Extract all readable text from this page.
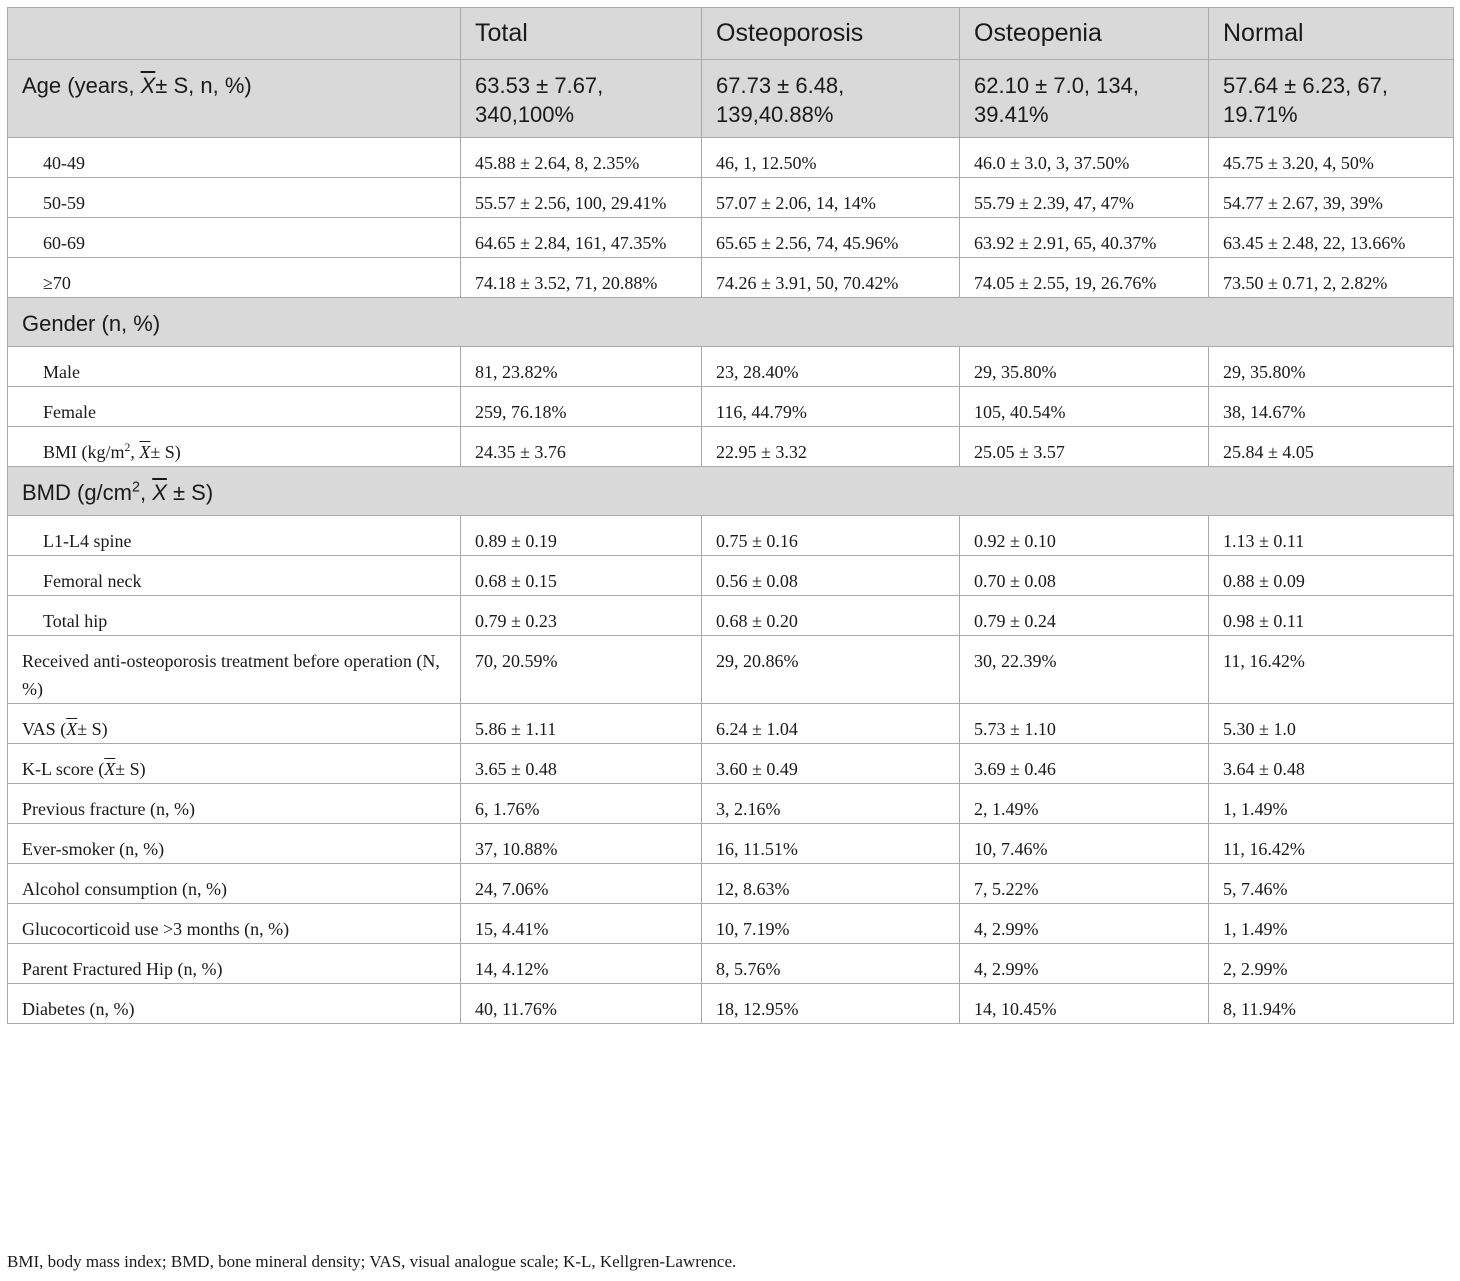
	Total	Osteoporosis	Osteopenia	Normal
Age (years, $\overline{X}\pm S$, n, %)	63.53 ± 7.67, 340,100%	67.73 ± 6.48, 139,40.88%	62.10 ± 7.0, 134, 39.41%	57.64 ± 6.23, 67, 19.71%
40-49	45.88 ± 2.64, 8, 2.35%	46, 1, 12.50%	46.0 ± 3.0, 3, 37.50%	45.75 ± 3.20, 4, 50%
50-59	55.57 ± 2.56, 100, 29.41%	57.07 ± 2.06, 14, 14%	55.79 ± 2.39, 47, 47%	54.77 ± 2.67, 39, 39%
60-69	64.65 ± 2.84, 161, 47.35%	65.65 ± 2.56, 74, 45.96%	63.92 ± 2.91, 65, 40.37%	63.45 ± 2.48, 22, 13.66%
≥70	74.18 ± 3.52, 71, 20.88%	74.26 ± 3.91, 50, 70.42%	74.05 ± 2.55, 19, 26.76%	73.50 ± 0.71, 2, 2.82%
Gender (n, %)				
Male	81, 23.82%	23, 28.40%	29, 35.80%	29, 35.80%
Female	259, 76.18%	116, 44.79%	105, 40.54%	38, 14.67%
BMI ($kg/m^2$, $\overline{X}\pm S$)	24.35 ± 3.76	22.95 ± 3.32	25.05 ± 3.57	25.84 ± 4.05
BMD ($g/cm^2$, $\overline{X} \pm S$)				
L1-L4 spine	0.89 ± 0.19	0.75 ± 0.16	0.92 ± 0.10	1.13 ± 0.11
Femoral neck	0.68 ± 0.15	0.56 ± 0.08	0.70 ± 0.08	0.88 ± 0.09
Total hip	0.79 ± 0.23	0.68 ± 0.20	0.79 ± 0.24	0.98 ± 0.11
Received anti-osteoporosis treatment before operation (N, %)	70, 20.59%	29, 20.86%	30, 22.39%	11, 16.42%
VAS $(\overline{X}\pm S)$	5.86 ± 1.11	6.24 ± 1.04	5.73 ± 1.10	5.30 ± 1.0
K-L score $(\overline{X}\pm S)$	3.65 ± 0.48	3.60 ± 0.49	3.69 ± 0.46	3.64 ± 0.48
Previous fracture (n, %)	6, 1.76%	3, 2.16%	2, 1.49%	1, 1.49%
Ever-smoker (n, %)	37, 10.88%	16, 11.51%	10, 7.46%	11, 16.42%
Alcohol consumption (n, %)	24, 7.06%	12, 8.63%	7, 5.22%	5, 7.46%
Glucocorticoid use >3 months (n, %)	15, 4.41%	10, 7.19%	4, 2.99%	1, 1.49%
Parent Fractured Hip (n, %)	14, 4.12%	8, 5.76%	4, 2.99%	2, 2.99%
Diabetes (n, %)	40, 11.76%	18, 12.95%	14, 10.45%	8, 11.94%
BMI, body mass index; BMD, bone mineral density; VAS, visual analogue scale; K-L, Kellgren-Lawrence.
